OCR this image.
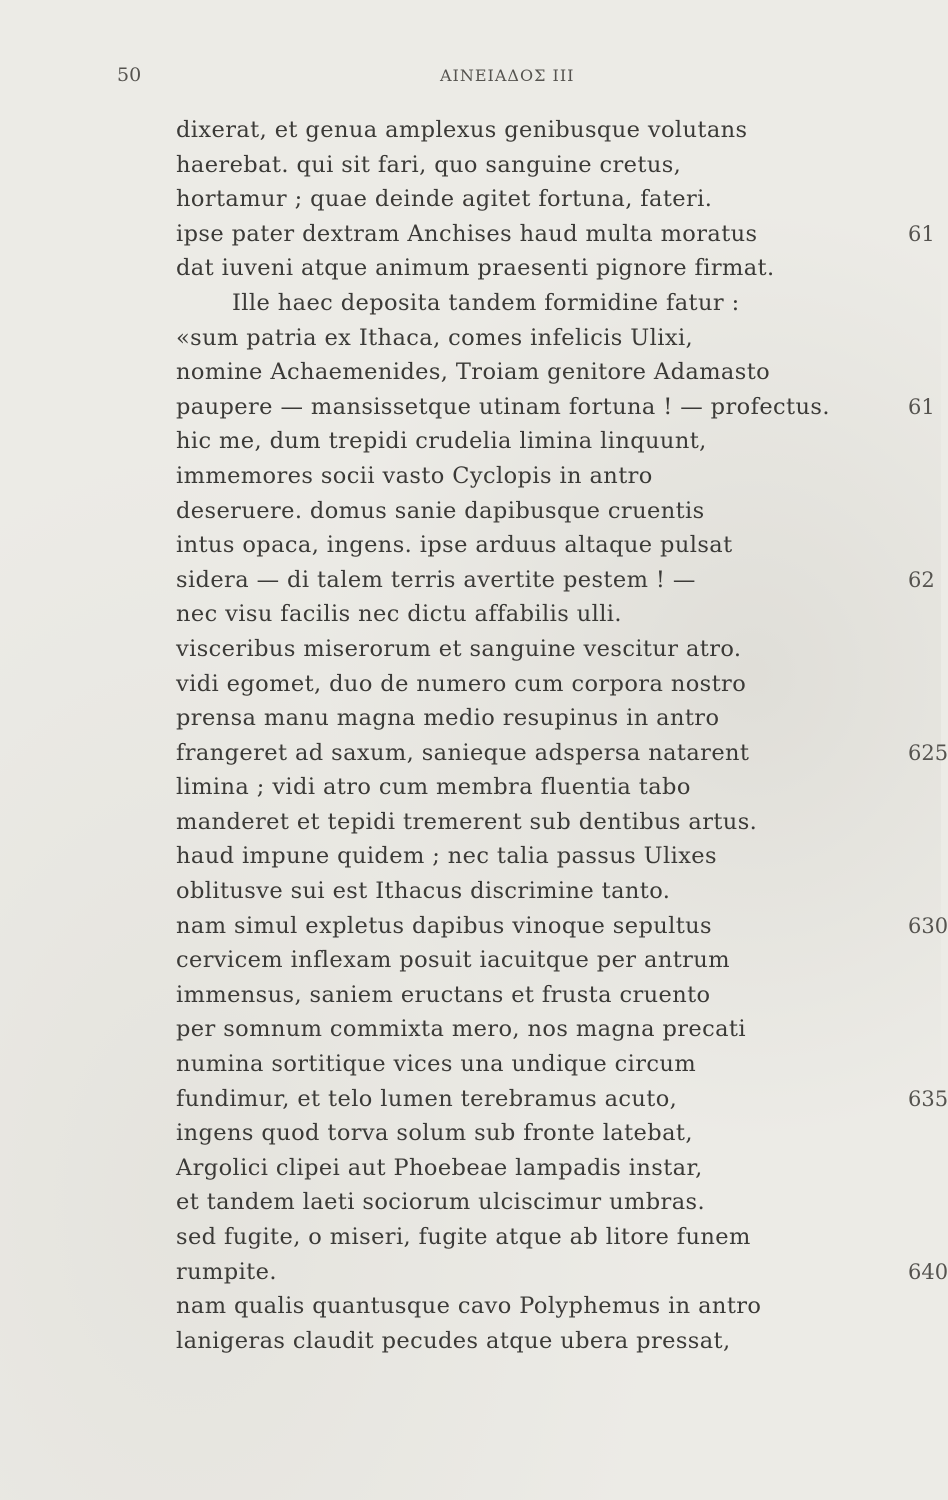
50	ΑΙΝΕΙΑΔΟΣ III
dixerat, et genua amplexus genibusque volutans
haerebat. qui sit fari, quo sanguine cretus,
hortamur ; quae deinde agitet fortuna, fateri.
ipse pater dextram Anchises haud multa moratus	61
dat iuveni atque animum praesenti pignore firmat.
Ille haec deposita tandem formidine fatur :
«sum patria ex Ithaca, comes infelicis Ulixi,
nomine Achaemenides, Troiam genitore Adamasto
paupere — mansissetque utinam fortuna ! — profectus.	61
hic me, dum trepidi crudelia limina linquunt,
immemores socii vasto Cyclopis in antro
deseruere. domus sanie dapibusque cruentis
intus opaca, ingens. ipse arduus altaque pulsat
sidera — di talem terris avertite pestem ! —	62
nec visu facilis nec dictu affabilis ulli.
visceribus miserorum et sanguine vescitur atro.
vidi egomet, duo de numero cum corpora nostro
prensa manu magna medio resupinus in antro
frangeret ad saxum, sanieque adspersa natarent	625
limina ; vidi atro cum membra fluentia tabo
manderet et tepidi tremerent sub dentibus artus.
haud impune quidem ; nec talia passus Ulixes
oblitusve sui est Ithacus discrimine tanto.
nam simul expletus dapibus vinoque sepultus	630
cervicem inflexam posuit iacuitque per antrum
immensus, saniem eructans et frusta cruento
per somnum commixta mero, nos magna precati
numina sortitique vices una undique circum
fundimur, et telo lumen terebramus acuto,	635
ingens quod torva solum sub fronte latebat,
Argolici clipei aut Phoebeae lampadis instar,
et tandem laeti sociorum ulciscimur umbras.
sed fugite, o miseri, fugite atque ab litore funem
rumpite.	640
nam qualis quantusque cavo Polyphemus in antro
lanigeras claudit pecudes atque ubera pressat,
